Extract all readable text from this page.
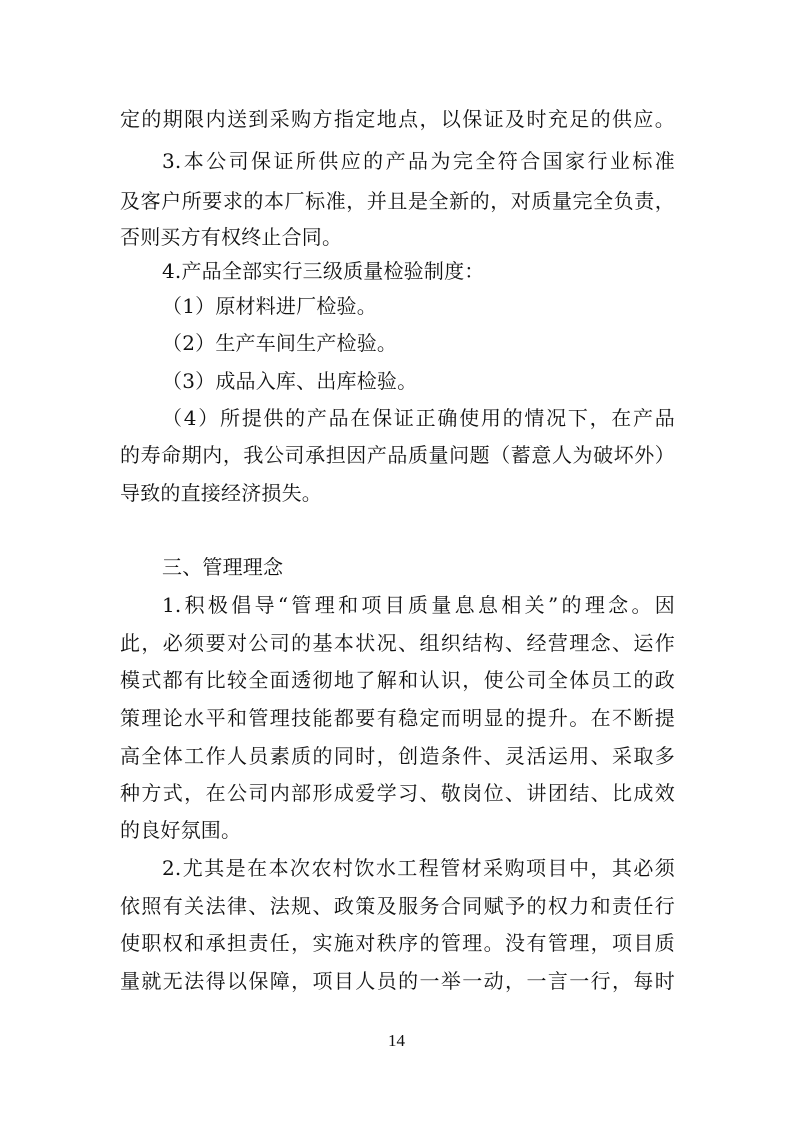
定的期限内送到采购方指定地点，以保证及时充足的供应。
3.本公司保证所供应的产品为完全符合国家行业标准
及客户所要求的本厂标准，并且是全新的，对质量完全负责，
否则买方有权终止合同。
4.产品全部实行三级质量检验制度：
（1）原材料进厂检验。
（2）生产车间生产检验。
（3）成品入库、出库检验。
（4）所提供的产品在保证正确使用的情况下，在产品
的寿命期内，我公司承担因产品质量问题（蓄意人为破坏外）
导致的直接经济损失。
三、管理理念
1.积极倡导“管理和项目质量息息相关”的理念。因
此，必须要对公司的基本状况、组织结构、经营理念、运作
模式都有比较全面透彻地了解和认识，使公司全体员工的政
策理论水平和管理技能都要有稳定而明显的提升。在不断提
高全体工作人员素质的同时，创造条件、灵活运用、采取多
种方式，在公司内部形成爱学习、敬岗位、讲团结、比成效
的良好氛围。
2.尤其是在本次农村饮水工程管材采购项目中，其必须
依照有关法律、法规、政策及服务合同赋予的权力和责任行
使职权和承担责任，实施对秩序的管理。没有管理，项目质
量就无法得以保障，项目人员的一举一动，一言一行，每时
14
